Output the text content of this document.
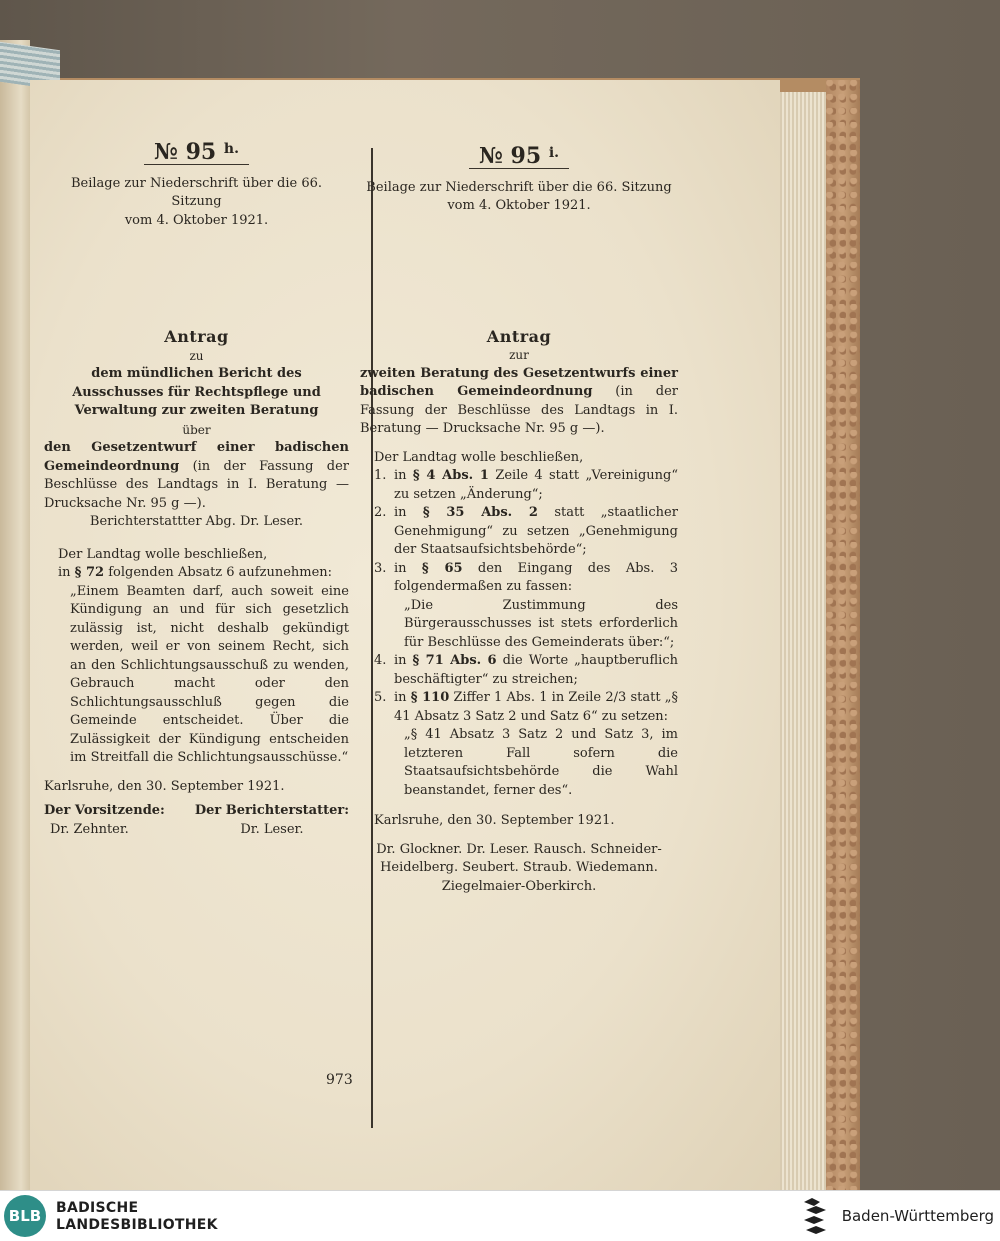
№ 95 $^{h.}$

Beilage zur Niederschrift über die 66. Sitzung

vom 4. Oktober 1921.

Antrag

zu

dem mündlichen Bericht des Ausschusses für Rechtspflege und Verwaltung zur zweiten Beratung

über

den Gesetzentwurf einer badischen Gemeindeordnung (in der Fassung der Beschlüsse des Landtags in I. Beratung — Drucksache Nr. 95 g —).

Berichterstattter Abg. Dr. Leser.

Der Landtag wolle beschließen,

in § 72 folgenden Absatz 6 aufzunehmen:

„Einem Beamten darf, auch soweit eine Kündigung an und für sich gesetzlich zulässig ist, nicht deshalb gekündigt werden, weil er von seinem Recht, sich an den Schlichtungsausschuß zu wenden, Gebrauch macht oder den Schlichtungsausschluß gegen die Gemeinde entscheidet. Über die Zulässigkeit der Kündigung entscheiden im Streitfall die Schlichtungsausschüsse.“

Karlsruhe, den 30. September 1921.

Der Vorsitzende:

Dr. Zehnter.

Der Berichterstatter:

Dr. Leser.

№ 95 $^{i.}$

Beilage zur Niederschrift über die 66. Sitzung

vom 4. Oktober 1921.

Antrag

zur

zweiten Beratung des Gesetzentwurfs einer badischen Gemeindeordnung (in der Fassung der Beschlüsse des Landtags in I. Beratung — Drucksache Nr. 95 g —).

Der Landtag wolle beschließen,

1. in § 4 Abs. 1 Zeile 4 statt „Vereinigung“ zu setzen „Änderung“;
2. in § 35 Abs. 2 statt „staatlicher Genehmigung“ zu setzen „Genehmigung der Staatsaufsichtsbehörde“;
3. in § 65 den Eingang des Abs. 3 folgendermaßen zu fassen:

„Die Zustimmung des Bürgerausschusses ist stets erforderlich für Beschlüsse des Gemeinderats über:“;

4. in § 71 Abs. 6 die Worte „hauptberuflich beschäftigter“ zu streichen;
5. in § 110 Ziffer 1 Abs. 1 in Zeile 2/3 statt „§ 41 Absatz 3 Satz 2 und Satz 6“ zu setzen:

„§ 41 Absatz 3 Satz 2 und Satz 3, im letzteren Fall sofern die Staatsaufsichtsbehörde die Wahl beanstandet, ferner des“.

Karlsruhe, den 30. September 1921.

Dr. Glockner. Dr. Leser. Rausch. Schneider-Heidelberg. Seubert. Straub. Wiedemann. Ziegelmaier-Oberkirch.

973
BLB	BADISCHE
LANDESBIBLIOTHEK	Baden-Württemberg
